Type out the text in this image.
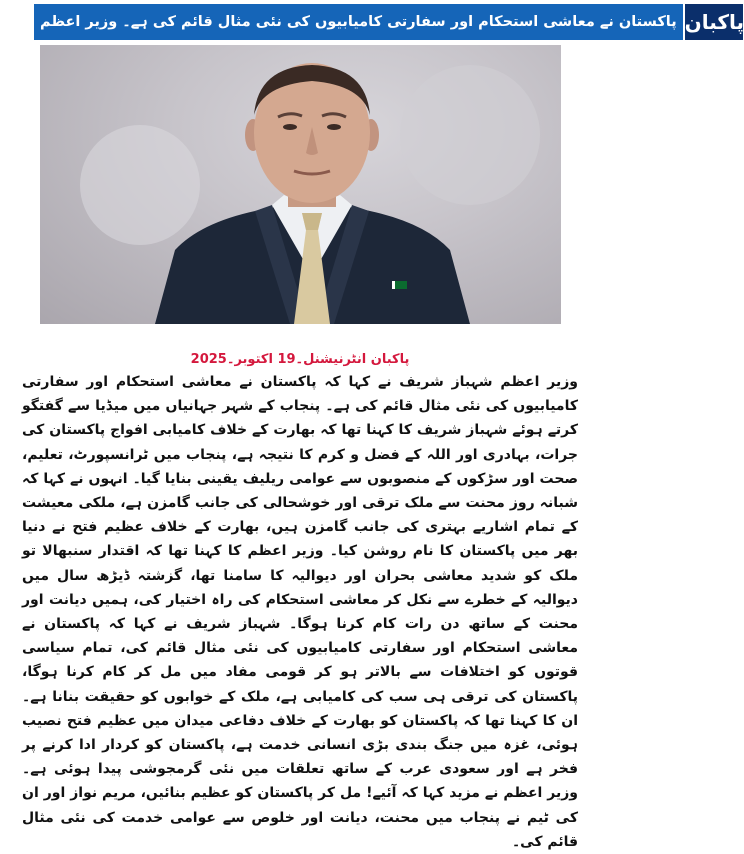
پاکستان نے معاشی استحکام اور سفارتی کامیابیوں کی نئی مثال قائم کی ہے۔ وزیر اعظم پاکبان
پاکبان انٹرنیشنل۔19 اکتوبر۔2025

وزیر اعظم شہباز شریف نے کہا کہ پاکستان نے معاشی استحکام اور سفارتی کامیابیوں کی نئی مثال قائم کی ہے۔ پنجاب کے شہر جہانیاں میں میڈیا سے گفتگو کرتے ہوئے شہباز شریف کا کہنا تھا کہ بھارت کے خلاف کامیابی افواج پاکستان کی جرات، بہادری اور اللہ کے فضل و کرم کا نتیجہ ہے، پنجاب میں ٹرانسپورٹ، تعلیم، صحت اور سڑکوں کے منصوبوں سے عوامی ریلیف یقینی بنایا گیا۔ انہوں نے کہا کہ شبانہ روز محنت سے ملک ترقی اور خوشحالی کی جانب گامزن ہے، ملکی معیشت کے تمام اشاریے بہتری کی جانب گامزن ہیں، بھارت کے خلاف عظیم فتح نے دنیا بھر میں پاکستان کا نام روشن کیا۔ وزیر اعظم کا کہنا تھا کہ اقتدار سنبھالا تو ملک کو شدید معاشی بحران اور دیوالیہ کا سامنا تھا، گزشتہ ڈیڑھ سال میں دیوالیہ کے خطرے سے نکل کر معاشی استحکام کی راہ اختیار کی، ہمیں دیانت اور محنت کے ساتھ دن رات کام کرنا ہوگا۔ شہباز شریف نے کہا کہ پاکستان نے معاشی استحکام اور سفارتی کامیابیوں کی نئی مثال قائم کی، تمام سیاسی قوتوں کو اختلافات سے بالاتر ہو کر قومی مفاد میں مل کر کام کرنا ہوگا، پاکستان کی ترقی ہی سب کی کامیابی ہے، ملک کے خوابوں کو حقیقت بنانا ہے۔ ان کا کہنا تھا کہ پاکستان کو بھارت کے خلاف دفاعی میدان میں عظیم فتح نصیب ہوئی، غزہ میں جنگ بندی بڑی انسانی خدمت ہے، پاکستان کو کردار ادا کرنے پر فخر ہے اور سعودی عرب کے ساتھ تعلقات میں نئی گرمجوشی پیدا ہوئی ہے۔ وزیر اعظم نے مزید کہا کہ آئیے! مل کر پاکستان کو عظیم بنائیں، مریم نواز اور ان کی ٹیم نے پنجاب میں محنت، دیانت اور خلوص سے عوامی خدمت کی نئی مثال قائم کی۔
